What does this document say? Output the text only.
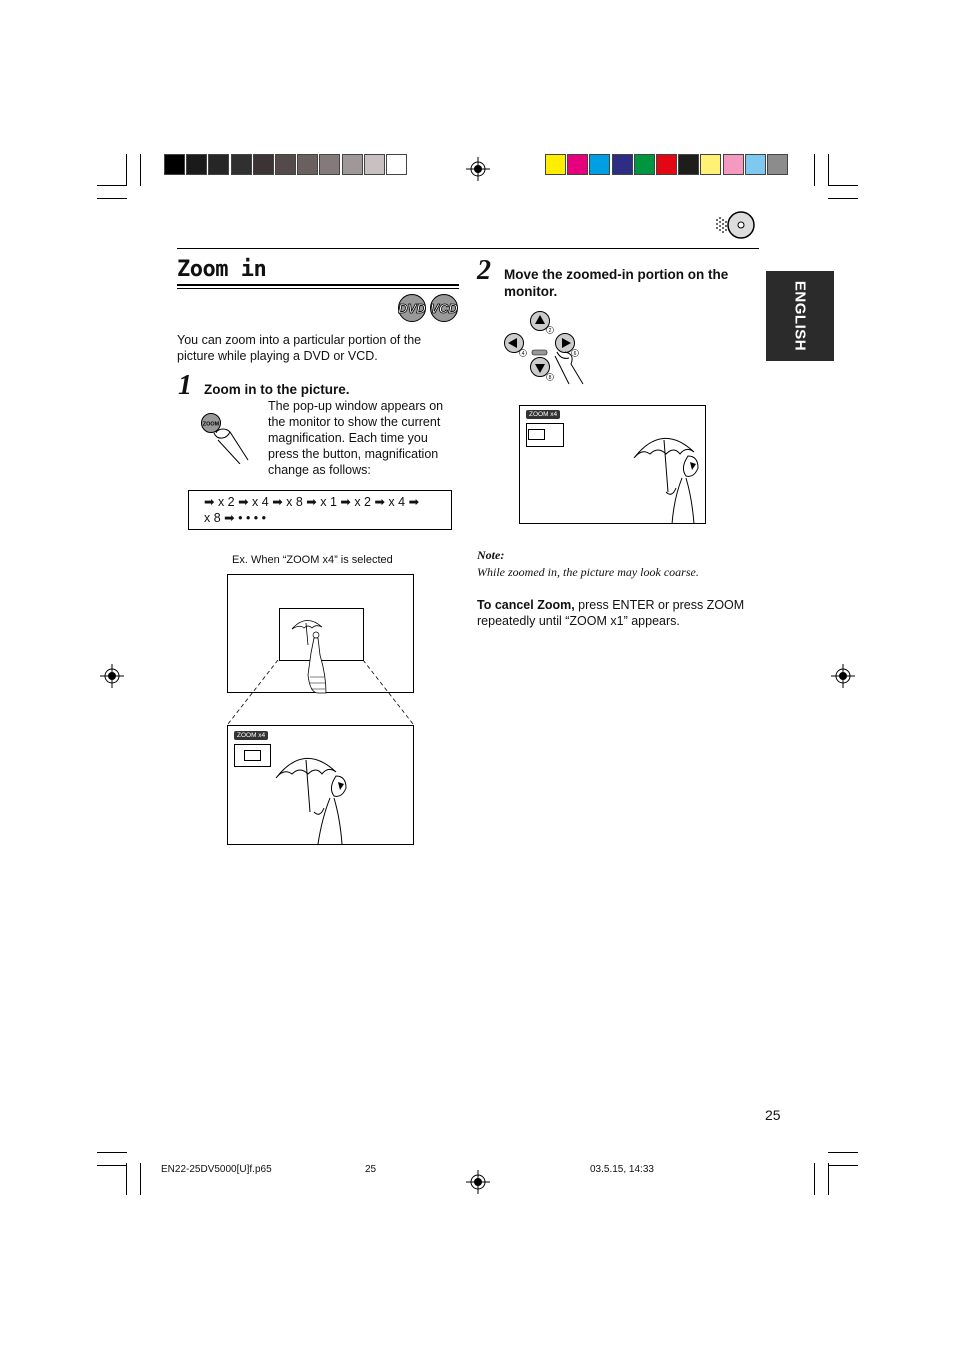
ENGLISH
Zoom in
DVD VCD
You can zoom into a particular portion of the picture while playing a DVD or VCD.
1 Zoom in to the picture.
ZOOM
The pop-up window appears on the monitor to show the current magnification. Each time you press the button, magnification change as follows:
➡ x 2 ➡ x 4 ➡ x 8 ➡ x 1 ➡ x 2 ➡ x 4 ➡
x 8 ➡ • • • •
Ex. When “ZOOM x4” is selected
ZOOM x4
2 Move the zoomed-in portion on the monitor.
2
4	6
8
ZOOM x4
Note:
While zoomed in, the picture may look coarse.
To cancel Zoom, press ENTER or press ZOOM repeatedly until “ZOOM x1” appears.
25
EN22-25DV5000[U]f.p65	25	03.5.15, 14:33
